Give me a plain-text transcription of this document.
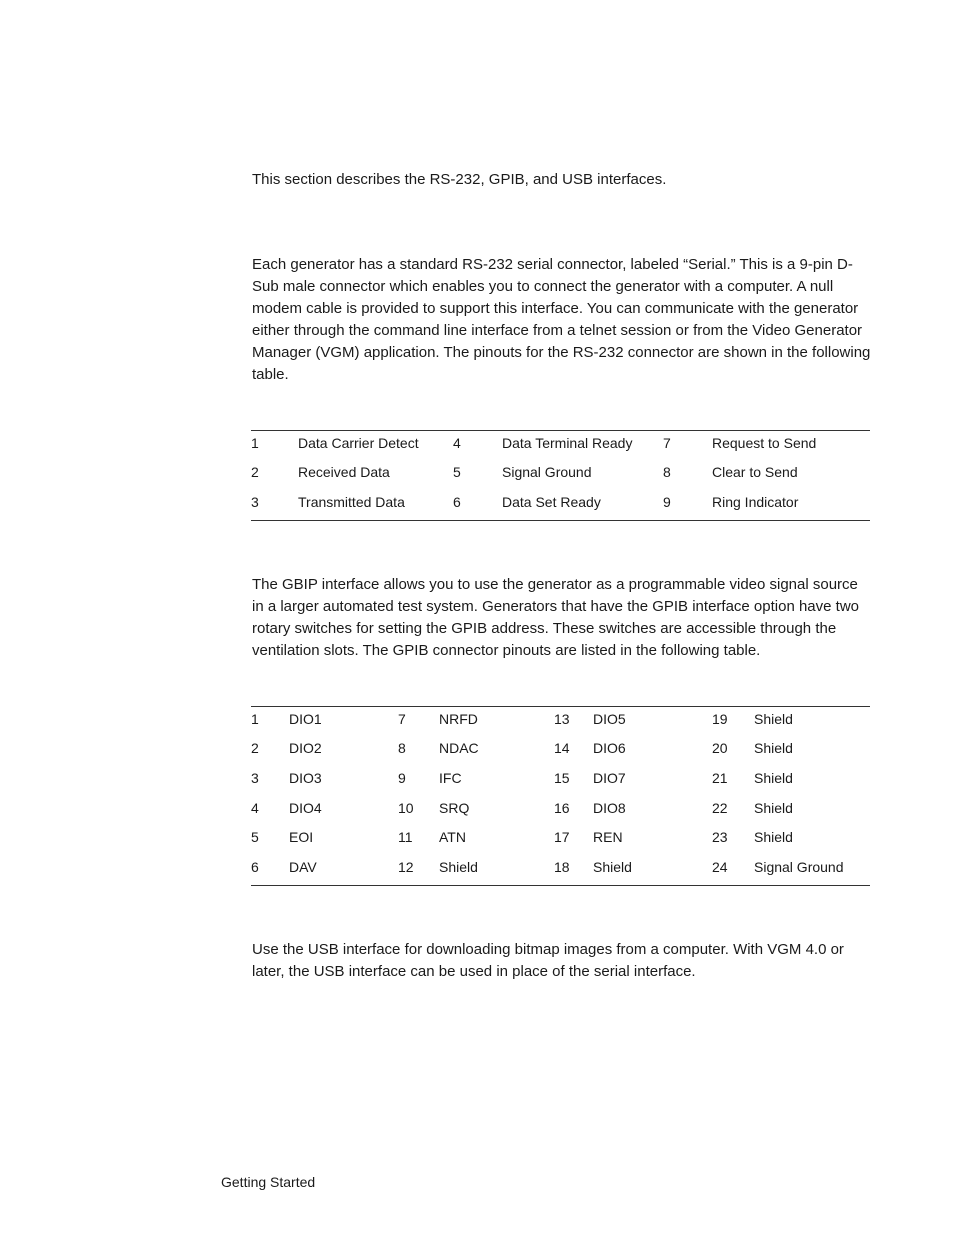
This section describes the RS-232, GPIB, and USB interfaces.

Each generator has a standard RS-232 serial connector, labeled “Serial.” This is a 9-pin D-Sub male connector which enables you to connect the generator with a computer. A null modem cable is provided to support this interface. You can communicate with the generator either through the command line interface from a telnet session or from the Video Generator Manager (VGM) application. The pinouts for the RS-232 connector are shown in the following table.

1	Data Carrier Detect 4	Data Terminal Ready 7	Request to Send
2	Received Data	5	Signal Ground	8	Clear to Send
3	Transmitted Data	6	Data Set Ready	9	Ring Indicator

The GBIP interface allows you to use the generator as a programmable video signal source in a larger automated test system. Generators that have the GPIB interface option have two rotary switches for setting the GPIB address. These switches are accessible through the ventilation slots. The GPIB connector pinouts are listed in the following table.

1 DIO1	7 NRFD	13 DIO5	19 Shield
2 DIO2	8 NDAC	14 DIO6	20 Shield
3 DIO3	9 IFC	15 DIO7	21 Shield
4 DIO4	10 SRQ	16 DIO8	22 Shield
5 EOI	11 ATN	17 REN	23 Shield
6 DAV	12 Shield	18 Shield	24 Signal Ground

Use the USB interface for downloading bitmap images from a computer. With VGM 4.0 or later, the USB interface can be used in place of the serial interface.

Getting Started
